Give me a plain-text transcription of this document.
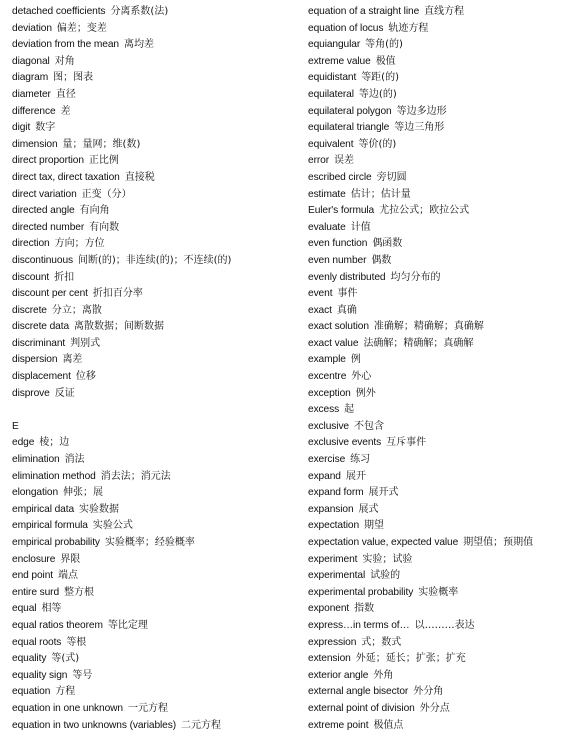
detached coefficients 分离系数(法)
deviation 偏差；变差
deviation from the mean 离均差
diagonal 对角
diagram 图；图表
diameter 直径
difference 差
digit 数字
dimension 量；量网；维(数)
direct proportion 正比例
direct tax, direct taxation 直接税
direct variation 正变（分）
directed angle 有向角
directed number 有向数
direction 方向；方位
discontinuous 间断(的)；非连续(的)；不连续(的)
discount 折扣
discount per cent 折扣百分率
discrete 分立；离散
discrete data 离散数据；间断数据
discriminant 判别式
dispersion 离差
displacement 位移
disprove 反证
E
edge 棱；边
elimination 消法
elimination method 消去法；消元法
elongation 伸张；展
empirical data 实验数据
empirical formula 实验公式
empirical probability 实验概率；经验概率
enclosure 界限
end point 端点
entire surd 整方根
equal 相等
equal ratios theorem 等比定理
equal roots 等根
equality 等(式)
equality sign 等号
equation 方程
equation in one unknown 一元方程
equation in two unknowns (variables) 二元方程
equation of a straight line 直线方程
equation of locus 轨迹方程
equiangular 等角(的)
extreme value 极值
equidistant 等距(的)
equilateral 等边(的)
equilateral polygon 等边多边形
equilateral triangle 等边三角形
equivalent 等价(的)
error 误差
escribed circle 旁切圆
estimate 估计；估计量
Euler's formula 尤拉公式；欧拉公式
evaluate 计值
even function 偶函数
even number 偶数
evenly distributed 均匀分布的
event 事件
exact 真确
exact solution 准确解；精确解；真确解
exact value 法确解；精确解；真确解
example 例
excentre 外心
exception 例外
excess 起
exclusive 不包含
exclusive events 互斥事件
exercise 练习
expand 展开
expand form 展开式
expansion 展式
expectation 期望
expectation value, expected value 期望值；预期值
experiment 实验；试验
experimental 试验的
experimental probability 实验概率
exponent 指数
express…in terms of… 以………表达
expression 式；数式
extension 外延；延长；扩张；扩充
exterior angle 外角
external angle bisector 外分角
external point of division 外分点
extreme point 极值点
